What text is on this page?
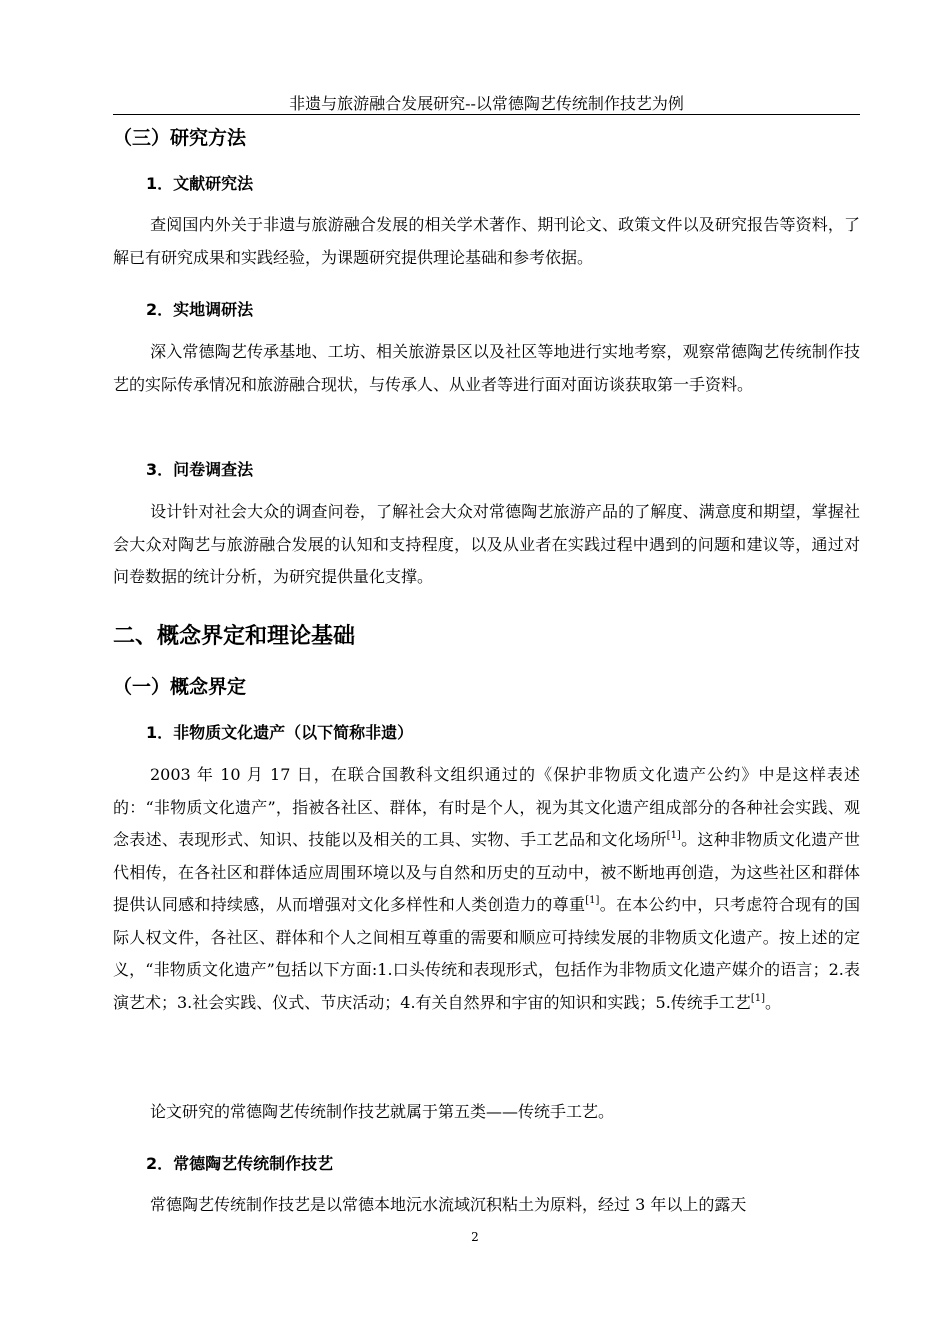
非遗与旅游融合发展研究--以常德陶艺传统制作技艺为例
（三）研究方法
1．文献研究法

查阅国内外关于非遗与旅游融合发展的相关学术著作、期刊论文、政策文件以及研究报告等资料，了解已有研究成果和实践经验，为课题研究提供理论基础和参考依据。

2．实地调研法

深入常德陶艺传承基地、工坊、相关旅游景区以及社区等地进行实地考察，观察常德陶艺传统制作技艺的实际传承情况和旅游融合现状，与传承人、从业者等进行面对面访谈获取第一手资料。

3．问卷调查法

设计针对社会大众的调查问卷，了解社会大众对常德陶艺旅游产品的了解度、满意度和期望，掌握社会大众对陶艺与旅游融合发展的认知和支持程度，以及从业者在实践过程中遇到的问题和建议等，通过对问卷数据的统计分析，为研究提供量化支撑。

二、概念界定和理论基础
（一）概念界定
1．非物质文化遗产（以下简称非遗）

2003 年 10 月 17 日，在联合国教科文组织通过的《保护非物质文化遗产公约》中是这样表述的：“非物质文化遗产”，指被各社区、群体，有时是个人，视为其文化遗产组成部分的各种社会实践、观念表述、表现形式、知识、技能以及相关的工具、实物、手工艺品和文化场所[1]。这种非物质文化遗产世代相传，在各社区和群体适应周围环境以及与自然和历史的互动中，被不断地再创造，为这些社区和群体提供认同感和持续感，从而增强对文化多样性和人类创造力的尊重[1]。在本公约中，只考虑符合现有的国际人权文件，各社区、群体和个人之间相互尊重的需要和顺应可持续发展的非物质文化遗产。按上述的定义，“非物质文化遗产”包括以下方面:1.口头传统和表现形式，包括作为非物质文化遗产媒介的语言；2.表演艺术；3.社会实践、仪式、节庆活动；4.有关自然界和宇宙的知识和实践；5.传统手工艺[1]。

论文研究的常德陶艺传统制作技艺就属于第五类——传统手工艺。

2．常德陶艺传统制作技艺

常德陶艺传统制作技艺是以常德本地沅水流域沉积粘土为原料，经过 3 年以上的露天

2
